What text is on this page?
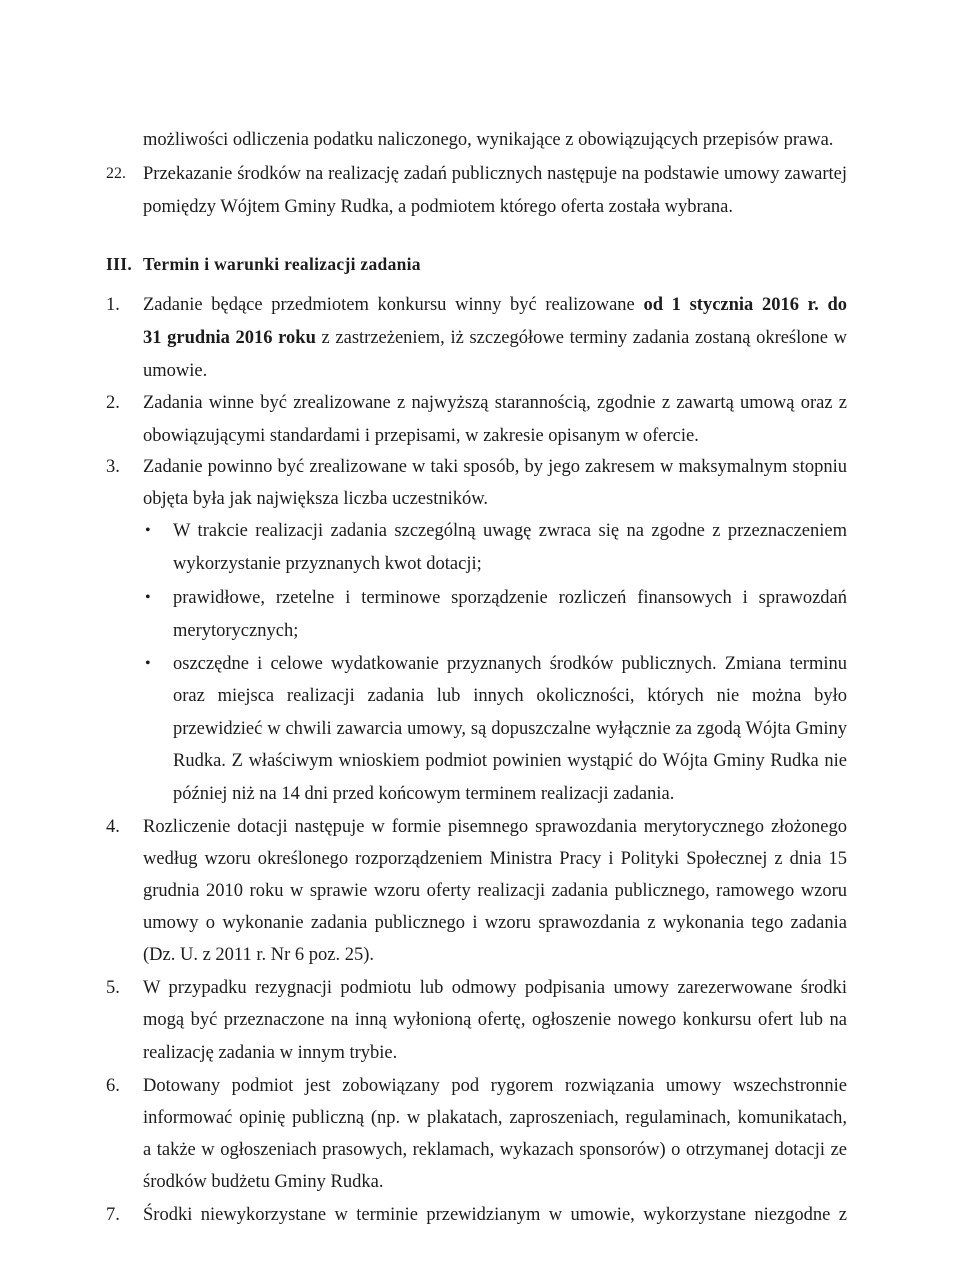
możliwości odliczenia podatku naliczonego, wynikające z obowiązujących przepisów prawa.
22. Przekazanie środków na realizację zadań publicznych następuje na podstawie umowy zawartej
pomiędzy Wójtem Gminy Rudka, a podmiotem którego oferta została wybrana.
III. Termin i warunki realizacji zadania
1. Zadanie będące przedmiotem konkursu winny być realizowane od 1 stycznia 2016 r. do
31 grudnia 2016 roku z zastrzeżeniem, iż szczegółowe terminy zadania zostaną określone w
umowie.
2. Zadania winne być zrealizowane z najwyższą starannością, zgodnie z zawartą umową oraz z
obowiązującymi standardami i przepisami, w zakresie opisanym w ofercie.
3. Zadanie powinno być zrealizowane w taki sposób, by jego zakresem w maksymalnym stopniu
objęta była jak największa liczba uczestników.
• W trakcie realizacji zadania szczególną uwagę zwraca się na zgodne z przeznaczeniem
wykorzystanie przyznanych kwot dotacji;
• prawidłowe, rzetelne i terminowe sporządzenie rozliczeń finansowych i sprawozdań
merytorycznych;
• oszczędne i celowe wydatkowanie przyznanych środków publicznych. Zmiana terminu
oraz miejsca realizacji zadania lub innych okoliczności, których nie można było
przewidzieć w chwili zawarcia umowy, są dopuszczalne wyłącznie za zgodą Wójta Gminy
Rudka. Z właściwym wnioskiem podmiot powinien wystąpić do Wójta Gminy Rudka nie
później niż na 14 dni przed końcowym terminem realizacji zadania.
4. Rozliczenie dotacji następuje w formie pisemnego sprawozdania merytorycznego złożonego
według wzoru określonego rozporządzeniem Ministra Pracy i Polityki Społecznej z dnia 15
grudnia 2010 roku w sprawie wzoru oferty realizacji zadania publicznego, ramowego wzoru
umowy o wykonanie zadania publicznego i wzoru sprawozdania z wykonania tego zadania
(Dz. U. z 2011 r. Nr 6 poz. 25).
5. W przypadku rezygnacji podmiotu lub odmowy podpisania umowy zarezerwowane środki
mogą być przeznaczone na inną wyłonioną ofertę, ogłoszenie nowego konkursu ofert lub na
realizację zadania w innym trybie.
6. Dotowany podmiot jest zobowiązany pod rygorem rozwiązania umowy wszechstronnie
informować opinię publiczną (np. w plakatach, zaproszeniach, regulaminach, komunikatach,
a także w ogłoszeniach prasowych, reklamach, wykazach sponsorów) o otrzymanej dotacji ze
środków budżetu Gminy Rudka.
7. Środki niewykorzystane w terminie przewidzianym w umowie, wykorzystane niezgodne z
